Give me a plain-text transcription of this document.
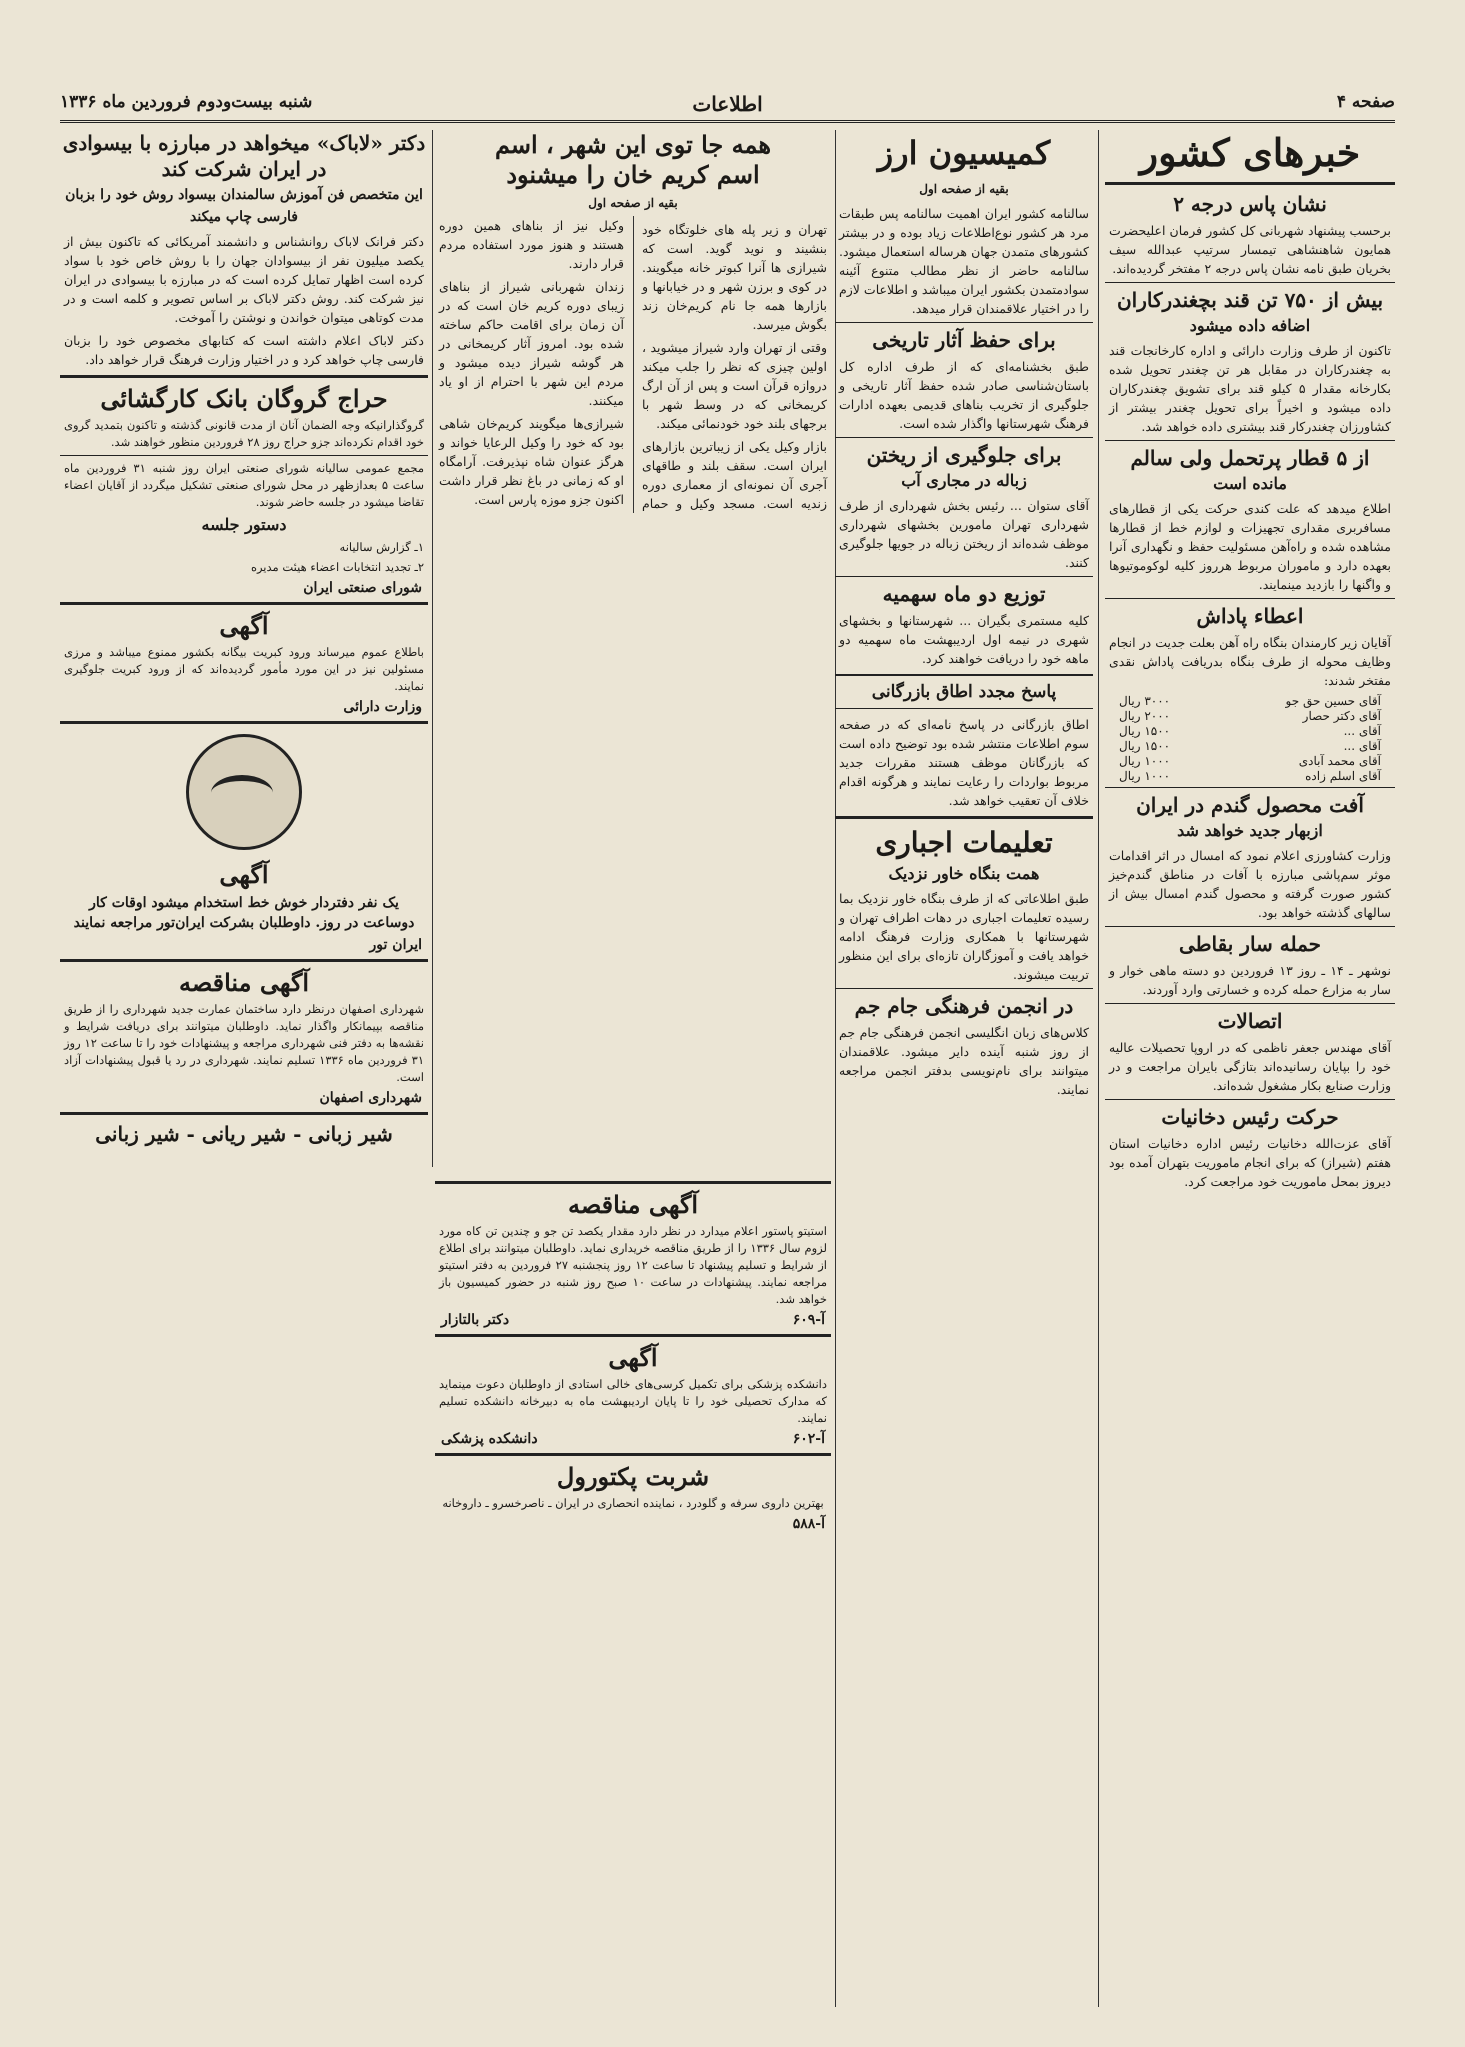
صفحه ۴
اطلاعات
شنبه بیست‌ودوم فروردین ماه ۱۳۳۶
خبرهای کشور
نشان پاس درجه ۲

برحسب پیشنهاد شهربانی کل کشور فرمان اعلیحضرت همایون شاهنشاهی تیمسار سرتیپ عبدالله سیف بخریان طبق نامه نشان پاس درجه ۲ مفتخر گردیده‌اند.

بیش از ۷۵۰ تن قند بچغندرکاران
اضافه داده میشود

تاکنون از طرف وزارت دارائی و اداره کارخانجات قند به چغندرکاران در مقابل هر تن چغندر تحویل شده بکارخانه مقدار ۵ کیلو قند برای تشویق چغندرکاران داده میشود و اخیراً برای تحویل چغندر بیشتر از کشاورزان چغندرکار قند بیشتری داده خواهد شد.

از ۵ قطار پرتحمل ولی سالم
مانده است

اطلاع میدهد که علت کندی حرکت یکی از قطارهای مسافربری مقداری تجهیزات و لوازم خط از قطارها مشاهده شده و راه‌آهن مسئولیت حفظ و نگهداری آنرا بعهده دارد و ماموران مربوط هرروز کلیه لوکوموتیوها و واگنها را بازدید مینمایند.

اعطاء پاداش

آقایان زیر کارمندان بنگاه راه آهن بعلت جدیت در انجام وظایف محوله از طرف بنگاه بدریافت پاداش نقدی مفتخر شدند:

آقای حسین حق جو
۳۰۰۰ ریال
آقای دکتر حصار
۲۰۰۰ ریال
آقای ...
۱۵۰۰ ریال
آقای ...
۱۵۰۰ ریال
آقای محمد آبادی
۱۰۰۰ ریال
آقای اسلم زاده
۱۰۰۰ ریال
آفت محصول گندم در ایران
ازبهار جدید خواهد شد

وزارت کشاورزی اعلام نمود که امسال در اثر اقدامات موثر سم‌پاشی مبارزه با آفات در مناطق گندم‌خیز کشور صورت گرفته و محصول گندم امسال بیش از سالهای گذشته خواهد بود.

حمله سار بقاطی

نوشهر ـ ۱۴ ـ روز ۱۳ فروردین دو دسته ماهی خوار و سار به مزارع حمله کرده و خسارتی وارد آوردند.

اتصالات

آقای مهندس جعفر ناظمی که در اروپا تحصیلات عالیه خود را بپایان رسانیده‌اند بتازگی بایران مراجعت و در وزارت صنایع بکار مشغول شده‌اند.

حرکت رئیس دخانیات

آقای عزت‌الله دخانیات رئیس اداره دخانیات استان هفتم (شیراز) که برای انجام ماموریت بتهران آمده بود دیروز بمحل ماموریت خود مراجعت کرد.

کمیسیون ارز
بقیه از صفحه اول

سالنامه کشور ایران اهمیت سالنامه پس طبقات مرد هر کشور نوع‌اطلاعات زیاد بوده و در بیشتر کشورهای متمدن جهان هرساله استعمال میشود. سالنامه حاضر از نظر مطالب متنوع آئینه سوادمتمدن بکشور ایران میباشد و اطلاعات لازم را در اختیار علاقمندان قرار میدهد.

برای حفظ آثار تاریخی

طبق بخشنامه‌ای که از طرف اداره کل باستان‌شناسی صادر شده حفظ آثار تاریخی و جلوگیری از تخریب بناهای قدیمی بعهده ادارات فرهنگ شهرستانها واگذار شده است.

برای جلوگیری از ریختن
زباله در مجاری آب

آقای ستوان ... رئیس بخش شهرداری از طرف شهرداری تهران مامورین بخشهای شهرداری موظف شده‌اند از ریختن زباله در جویها جلوگیری کنند.

توزیع دو ماه سهمیه

کلیه مستمری بگیران ... شهرستانها و بخشهای شهری در نیمه اول اردیبهشت ماه سهمیه دو ماهه خود را دریافت خواهند کرد.

پاسخ مجدد اطاق بازرگانی

اطاق بازرگانی در پاسخ نامه‌ای که در صفحه سوم اطلاعات منتشر شده بود توضیح داده است که بازرگانان موظف هستند مقررات جدید مربوط بواردات را رعایت نمایند و هرگونه اقدام خلاف آن تعقیب خواهد شد.

تعلیمات اجباری
همت بنگاه خاور نزدیک

طبق اطلاعاتی که از طرف بنگاه خاور نزدیک بما رسیده تعلیمات اجباری در دهات اطراف تهران و شهرستانها با همکاری وزارت فرهنگ ادامه خواهد یافت و آموزگاران تازه‌ای برای این منظور تربیت میشوند.

در انجمن فرهنگی جام جم

کلاس‌های زبان انگلیسی انجمن فرهنگی جام جم از روز شنبه آینده دایر میشود. علاقمندان میتوانند برای نام‌نویسی بدفتر انجمن مراجعه نمایند.

همه جا توی این شهر ، اسم
اسم کریم خان را میشنود
بقیه از صفحه اول

تهران و زیر پله های خلوتگاه خود بنشیند و نوید گوید. است که شیرازی ها آنرا کبوتر خانه میگویند. در کوی و برزن شهر و در خیابانها و بازارها همه جا نام کریم‌خان زند بگوش میرسد.

وقتی از تهران وارد شیراز میشوید ، اولین چیزی که نظر را جلب میکند دروازه قرآن است و پس از آن ارگ کریمخانی که در وسط شهر با برجهای بلند خود خودنمائی میکند.

بازار وکیل یکی از زیباترین بازارهای ایران است. سقف بلند و طاقهای آجری آن نمونه‌ای از معماری دوره زندیه است. مسجد وکیل و حمام وکیل نیز از بناهای همین دوره هستند و هنوز مورد استفاده مردم قرار دارند.

زندان شهربانی شیراز از بناهای زیبای دوره کریم خان است که در آن زمان برای اقامت حاکم ساخته شده بود. امروز آثار کریمخانی در هر گوشه شیراز دیده میشود و مردم این شهر با احترام از او یاد میکنند.

شیرازی‌ها میگویند کریم‌خان شاهی بود که خود را وکیل الرعایا خواند و هرگز عنوان شاه نپذیرفت. آرامگاه او که زمانی در باغ نظر قرار داشت اکنون جزو موزه پارس است.

دکتر «لاباک» میخواهد در مبارزه با بیسوادی
در ایران شرکت کند
این متخصص فن آموزش سالمندان بیسواد روش خود را بزبان فارسی چاپ میکند

دکتر فرانک لاباک روانشناس و دانشمند آمریکائی که تاکنون بیش از یکصد میلیون نفر از بیسوادان جهان را با روش خاص خود با سواد کرده است اظهار تمایل کرده است که در مبارزه با بیسوادی در ایران نیز شرکت کند. روش دکتر لاباک بر اساس تصویر و کلمه است و در مدت کوتاهی میتوان خواندن و نوشتن را آموخت.

دکتر لاباک اعلام داشته است که کتابهای مخصوص خود را بزبان فارسی چاپ خواهد کرد و در اختیار وزارت فرهنگ قرار خواهد داد.

حراج گروگان بانک کارگشائی

گروگذارانیکه وجه الضمان آنان از مدت قانونی گذشته و تاکنون بتمدید گروی خود اقدام نکرده‌اند جزو حراج روز ۲۸ فروردین منظور خواهند شد.

مجمع عمومی سالیانه شورای صنعتی ایران روز شنبه ۳۱ فروردین ماه ساعت ۵ بعدازظهر در محل شورای صنعتی تشکیل میگردد از آقایان اعضاء تقاضا میشود در جلسه حاضر شوند.

دستور جلسه
۱ـ گزارش سالیانه
۲ـ تجدید انتخابات اعضاء هیئت مدیره
شورای صنعتی ایران
آگهی

باطلاع عموم میرساند ورود کبریت بیگانه بکشور ممنوع میباشد و مرزی مسئولین نیز در این مورد مأمور گردیده‌اند که از ورود کبریت جلوگیری نمایند.

وزارت دارائی
آگهی

یک نفر دفتردار خوش خط استخدام میشود اوقات کار دوساعت در روز. داوطلبان بشرکت ایران‌تور مراجعه نمایند

ایران تور
آگهی مناقصه

شهرداری اصفهان درنظر دارد ساختمان عمارت جدید شهرداری را از طریق مناقصه بپیمانکار واگذار نماید. داوطلبان میتوانند برای دریافت شرایط و نقشه‌ها به دفتر فنی شهرداری مراجعه و پیشنهادات خود را تا ساعت ۱۲ روز ۳۱ فروردین ماه ۱۳۳۶ تسلیم نمایند. شهرداری در رد یا قبول پیشنهادات آزاد است.

شهرداری اصفهان
شیر زبانی - شیر ریانی - شیر زبانی
آگهی مناقصه

استیتو پاستور اعلام میدارد در نظر دارد مقدار یکصد تن جو و چندین تن کاه مورد لزوم سال ۱۳۳۶ را از طریق مناقصه خریداری نماید. داوطلبان میتوانند برای اطلاع از شرایط و تسلیم پیشنهاد تا ساعت ۱۲ روز پنجشنبه ۲۷ فروردین به دفتر استیتو مراجعه نمایند. پیشنهادات در ساعت ۱۰ صبح روز شنبه در حضور کمیسیون باز خواهد شد.

آ-۶۰۹
دکتر بالتازار
آگهی

دانشکده پزشکی برای تکمیل کرسی‌های خالی استادی از داوطلبان دعوت مینماید که مدارک تحصیلی خود را تا پایان اردیبهشت ماه به دبیرخانه دانشکده تسلیم نمایند.

آ-۶۰۲
دانشکده پزشکی
شربت پکتورول

بهترین داروی سرفه و گلودرد ، نماینده انحصاری در ایران ـ ناصرخسرو ـ داروخانه

آ-۵۸۸
